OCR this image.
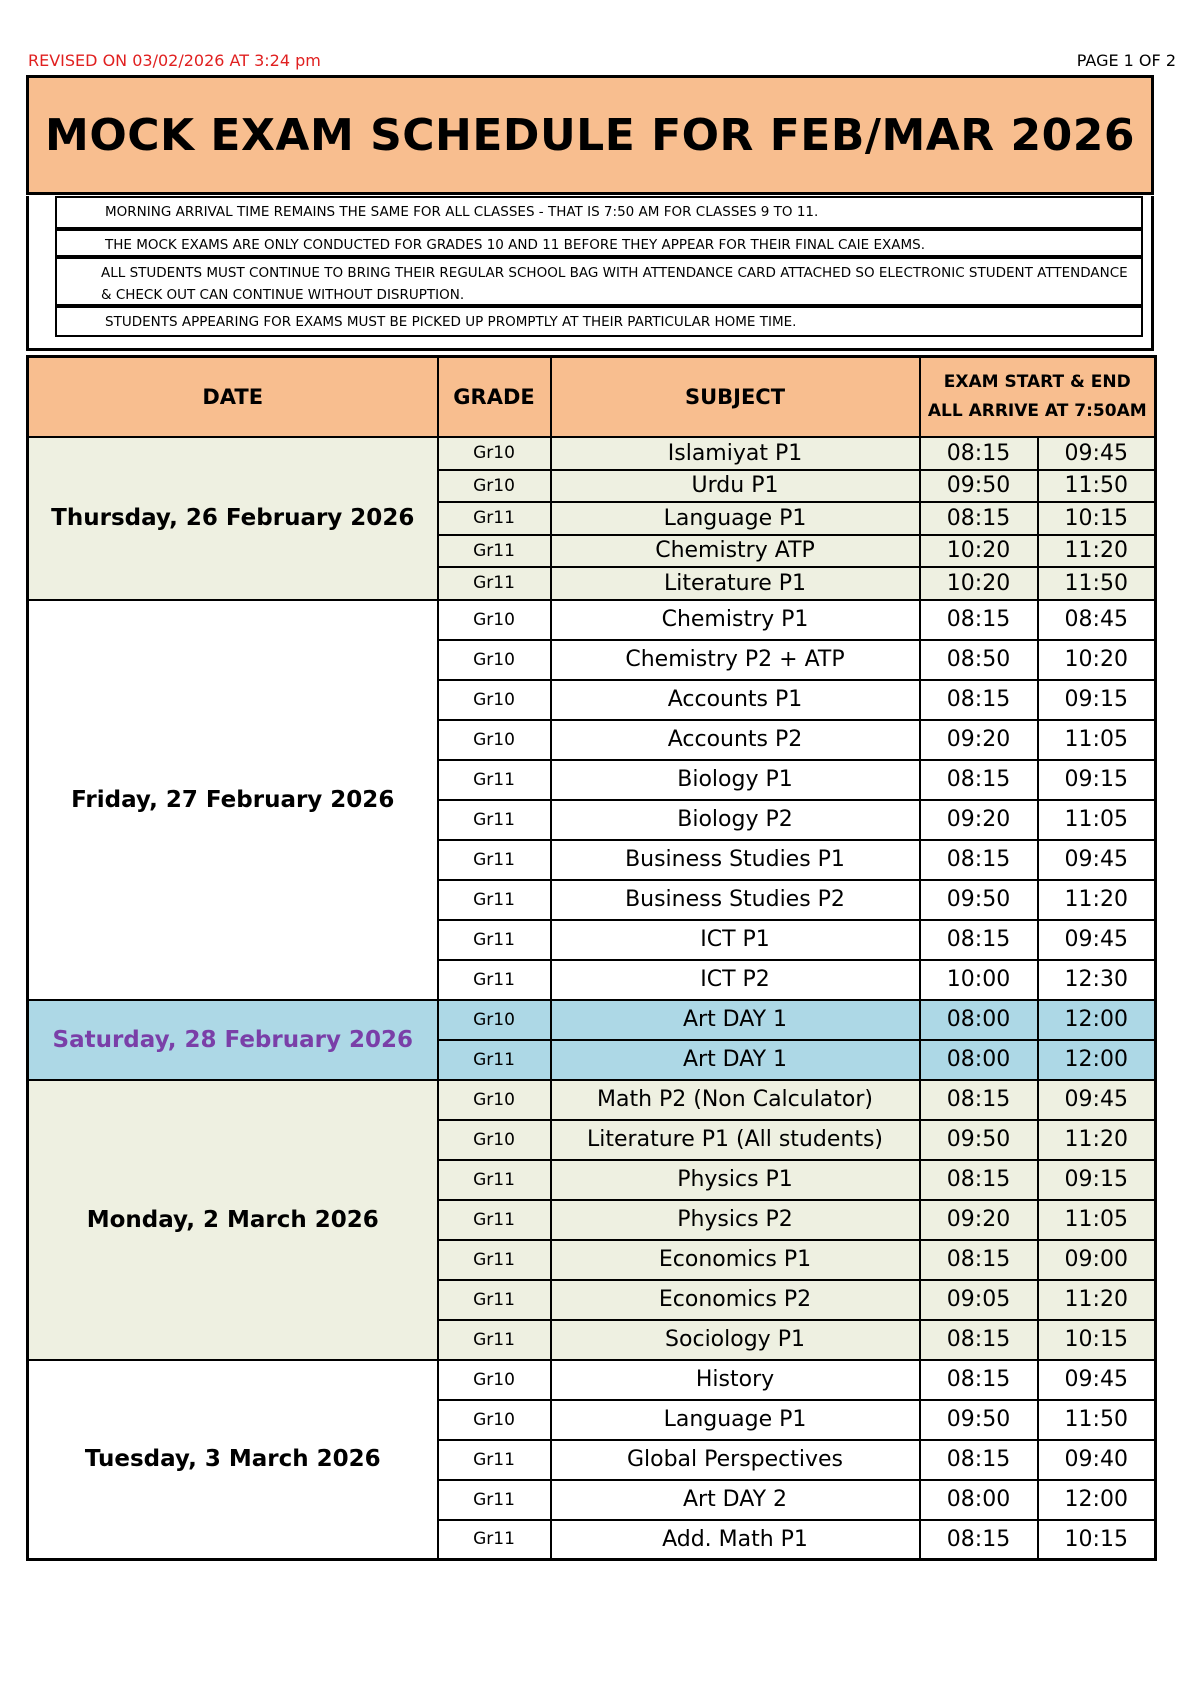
REVISED ON 03/02/2026 AT 3:24 pm	PAGE 1 OF 2
MOCK EXAM SCHEDULE FOR FEB/MAR 2026
MORNING ARRIVAL TIME REMAINS THE SAME FOR ALL CLASSES - THAT IS 7:50 AM FOR CLASSES 9 TO 11.
THE MOCK EXAMS ARE ONLY CONDUCTED FOR GRADES 10 AND 11 BEFORE THEY APPEAR FOR THEIR FINAL CAIE EXAMS.
ALL STUDENTS MUST CONTINUE TO BRING THEIR REGULAR SCHOOL BAG WITH ATTENDANCE CARD ATTACHED SO ELECTRONIC STUDENT ATTENDANCE & CHECK OUT CAN CONTINUE WITHOUT DISRUPTION.
STUDENTS APPEARING FOR EXAMS MUST BE PICKED UP PROMPTLY AT THEIR PARTICULAR HOME TIME.
DATE	GRADE	SUBJECT	EXAM START & END
ALL ARRIVE AT 7:50AM	

Thursday, 26 February 2026	Gr10	Islamiyat P1	08:15	09:45
	Gr10	Urdu P1	09:50	11:50
	Gr11	Language P1	08:15	10:15
	Gr11	Chemistry ATP	10:20	11:20
	Gr11	Literature P1	10:20	11:50
Friday, 27 February 2026	Gr10	Chemistry P1	08:15	08:45
	Gr10	Chemistry P2 + ATP	08:50	10:20
	Gr10	Accounts P1	08:15	09:15
	Gr10	Accounts P2	09:20	11:05
	Gr11	Biology P1	08:15	09:15
	Gr11	Biology P2	09:20	11:05
	Gr11	Business Studies P1	08:15	09:45
	Gr11	Business Studies P2	09:50	11:20
	Gr11	ICT P1	08:15	09:45
	Gr11	ICT P2	10:00	12:30
Saturday, 28 February 2026	Gr10	Art DAY 1	08:00	12:00
	Gr11	Art DAY 1	08:00	12:00
Monday, 2 March 2026	Gr10	Math P2 (Non Calculator)	08:15	09:45
	Gr10	Literature P1 (All students)	09:50	11:20
	Gr11	Physics P1	08:15	09:15
	Gr11	Physics P2	09:20	11:05
	Gr11	Economics P1	08:15	09:00
	Gr11	Economics P2	09:05	11:20
	Gr11	Sociology P1	08:15	10:15
Tuesday, 3 March 2026	Gr10	History	08:15	09:45
	Gr10	Language P1	09:50	11:50
	Gr11	Global Perspectives	08:15	09:40
	Gr11	Art DAY 2	08:00	12:00
	Gr11	Add. Math P1	08:15	10:15
